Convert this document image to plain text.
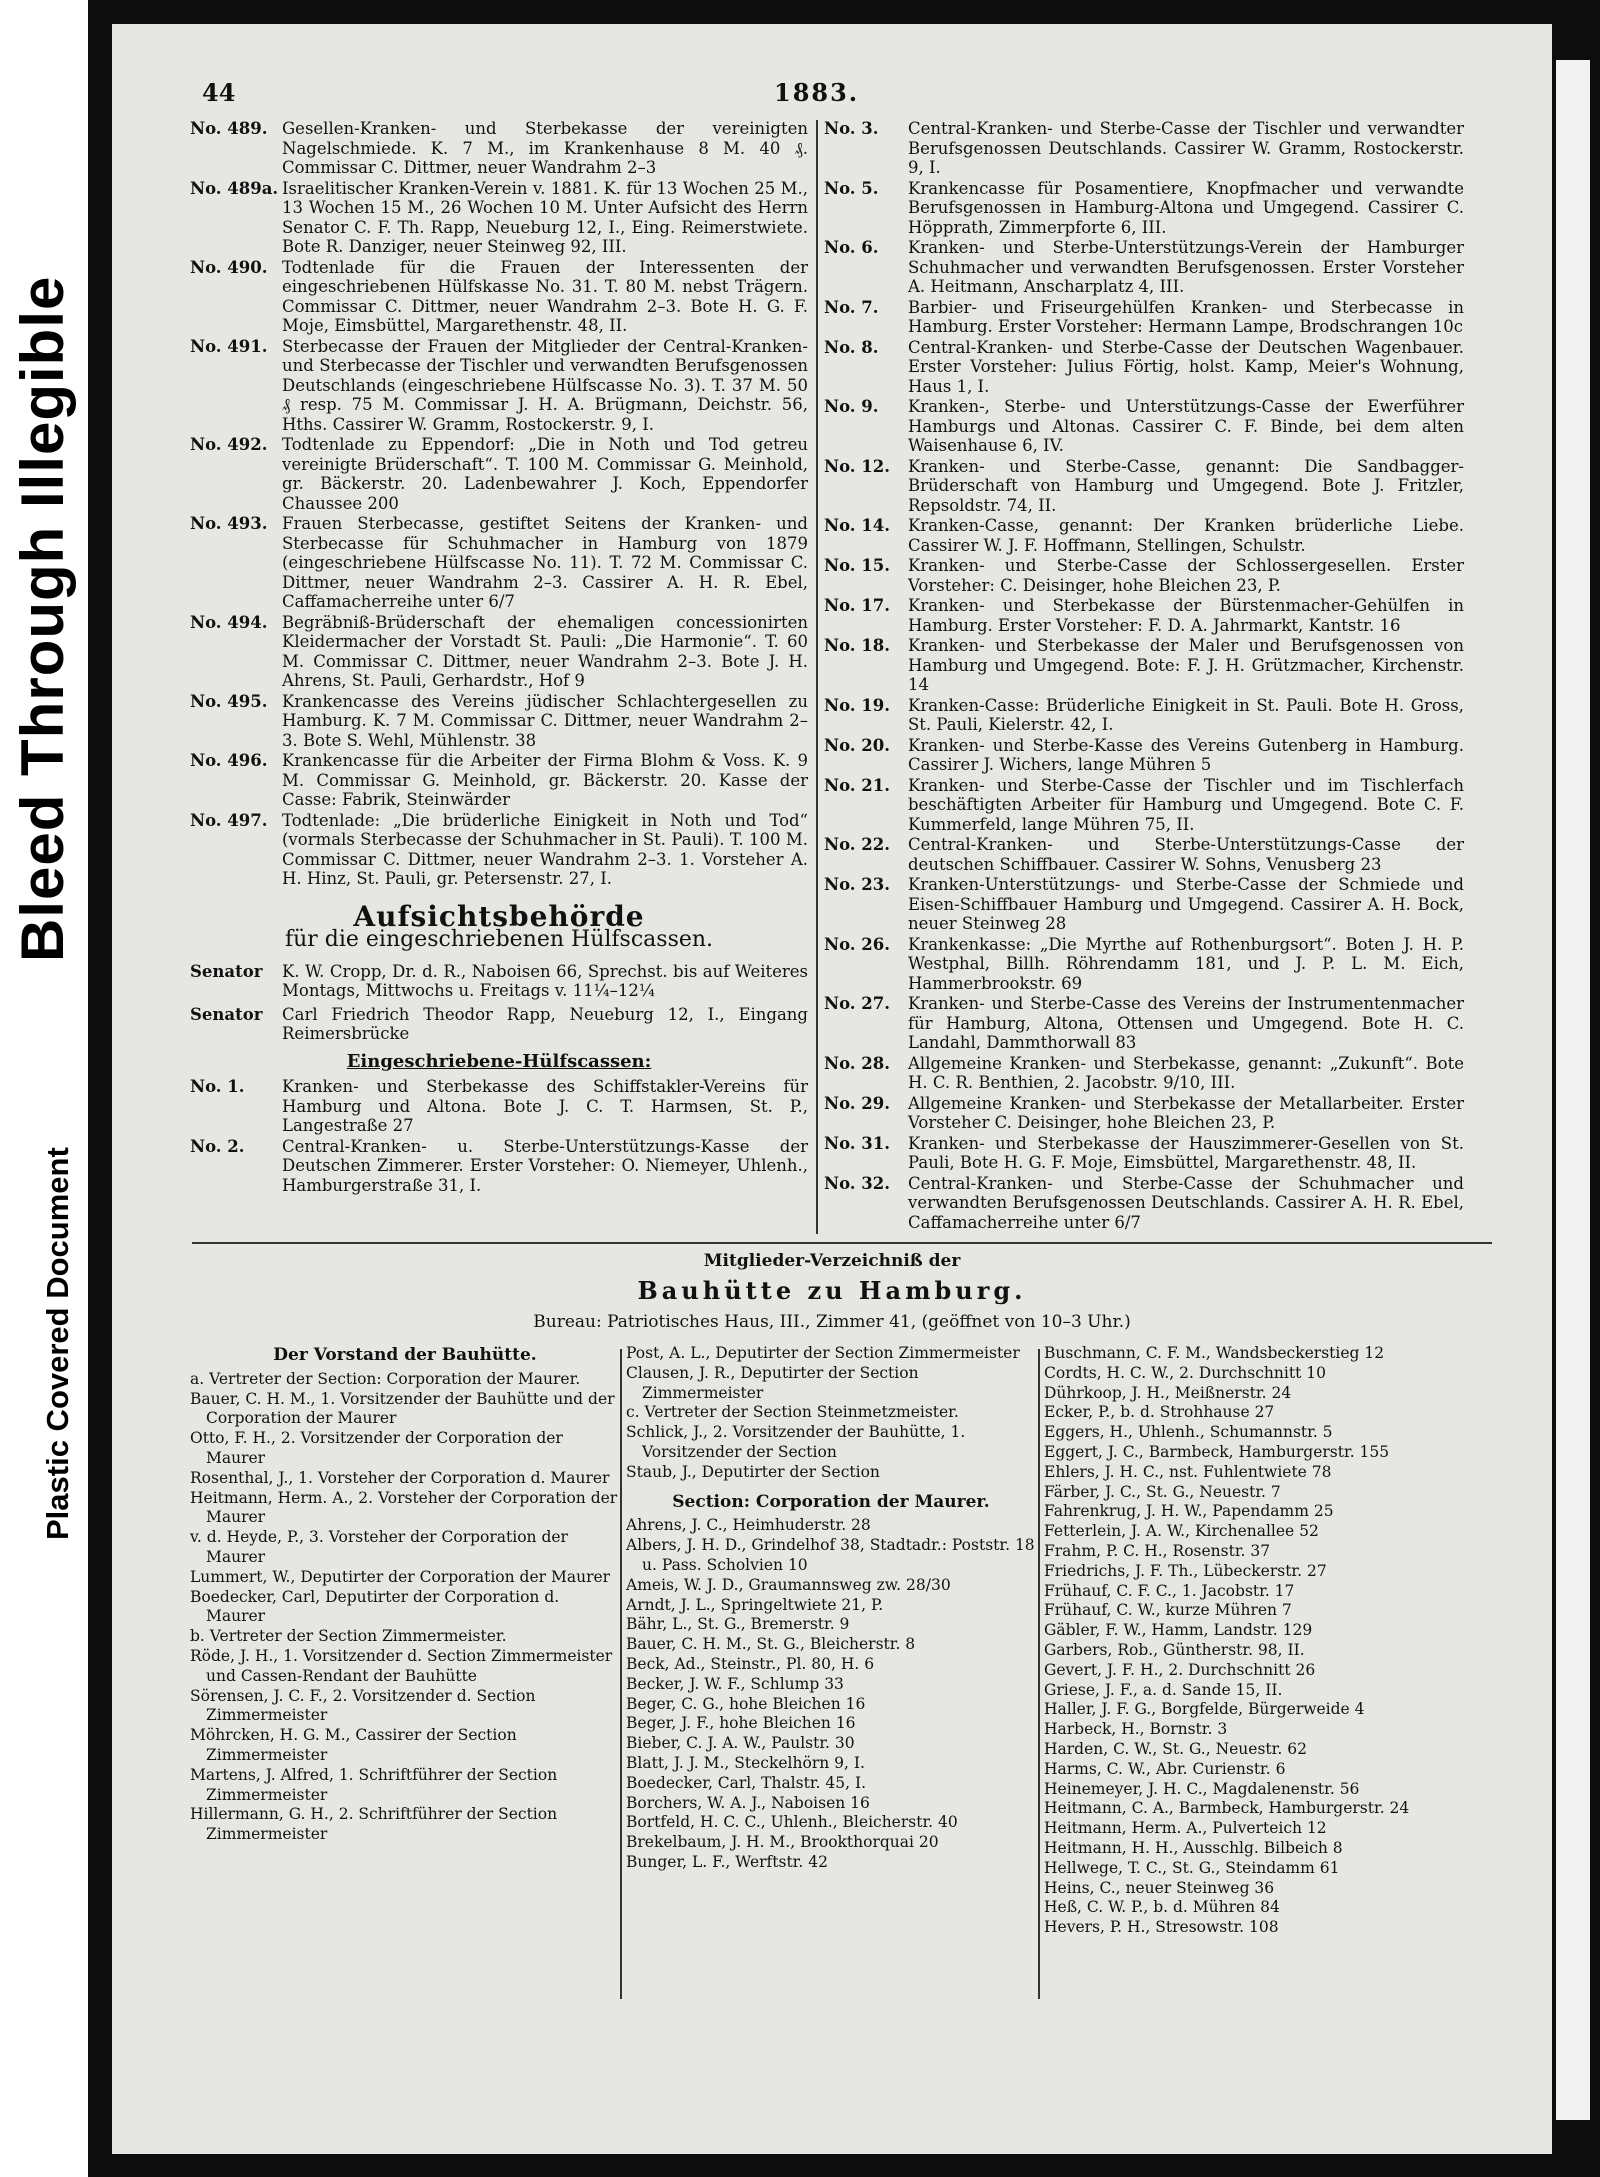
Bleed Through Illegible
Plastic Covered Document
44	1883.
No. 489. Gesellen-Kranken- und Sterbekasse der vereinigten Nagelschmiede. K. 7 M., im Krankenhause 8 M. 40 ₰. Commissar C. Dittmer, neuer Wandrahm 2–3
No. 489a. Israelitischer Kranken-Verein v. 1881. K. für 13 Wochen 25 M., 13 Wochen 15 M., 26 Wochen 10 M. Unter Aufsicht des Herrn Senator C. F. Th. Rapp, Neueburg 12, I., Eing. Reimerstwiete. Bote R. Danziger, neuer Steinweg 92, III.
No. 490. Todtenlade für die Frauen der Interessenten der eingeschriebenen Hülfskasse No. 31. T. 80 M. nebst Trägern. Commissar C. Dittmer, neuer Wandrahm 2–3. Bote H. G. F. Moje, Eimsbüttel, Margarethenstr. 48, II.
No. 491. Sterbecasse der Frauen der Mitglieder der Central-Kranken- und Sterbecasse der Tischler und verwandten Berufsgenossen Deutschlands (eingeschriebene Hülfscasse No. 3). T. 37 M. 50 ₰ resp. 75 M. Commissar J. H. A. Brügmann, Deichstr. 56, Hths. Cassirer W. Gramm, Rostockerstr. 9, I.
No. 492. Todtenlade zu Eppendorf: „Die in Noth und Tod getreu vereinigte Brüderschaft“. T. 100 M. Commissar G. Meinhold, gr. Bäckerstr. 20. Ladenbewahrer J. Koch, Eppendorfer Chaussee 200
No. 493. Frauen Sterbecasse, gestiftet Seitens der Kranken- und Sterbecasse für Schuhmacher in Hamburg von 1879 (eingeschriebene Hülfscasse No. 11). T. 72 M. Commissar C. Dittmer, neuer Wandrahm 2–3. Cassirer A. H. R. Ebel, Caffamacherreihe unter 6/7
No. 494. Begräbniß-Brüderschaft der ehemaligen concessionirten Kleidermacher der Vorstadt St. Pauli: „Die Harmonie“. T. 60 M. Commissar C. Dittmer, neuer Wandrahm 2–3. Bote J. H. Ahrens, St. Pauli, Gerhardstr., Hof 9
No. 495. Krankencasse des Vereins jüdischer Schlachtergesellen zu Hamburg. K. 7 M. Commissar C. Dittmer, neuer Wandrahm 2–3. Bote S. Wehl, Mühlenstr. 38
No. 496. Krankencasse für die Arbeiter der Firma Blohm & Voss. K. 9 M. Commissar G. Meinhold, gr. Bäckerstr. 20. Kasse der Casse: Fabrik, Steinwärder
No. 497. Todtenlade: „Die brüderliche Einigkeit in Noth und Tod“ (vormals Sterbecasse der Schuhmacher in St. Pauli). T. 100 M. Commissar C. Dittmer, neuer Wandrahm 2–3. 1. Vorsteher A. H. Hinz, St. Pauli, gr. Petersenstr. 27, I.
Aufsichtsbehörde
für die eingeschriebenen Hülfscassen.
Senator	K. W. Cropp, Dr. d. R., Naboisen 66, Sprechst. bis auf Weiteres Montags, Mittwochs u. Freitags v. 11¼–12¼
Senator	Carl Friedrich Theodor Rapp, Neueburg 12, I., Eingang Reimersbrücke
Eingeschriebene-Hülfscassen:
No. 1.	Kranken- und Sterbekasse des Schiffstakler-Vereins für Hamburg und Altona. Bote J. C. T. Harmsen, St. P., Langestraße 27
No. 2.	Central-Kranken- u. Sterbe-Unterstützungs-Kasse der Deutschen Zimmerer. Erster Vorsteher: O. Niemeyer, Uhlenh., Hamburgerstraße 31, I.
No. 3.	Central-Kranken- und Sterbe-Casse der Tischler und verwandter Berufsgenossen Deutschlands. Cassirer W. Gramm, Rostockerstr. 9, I.
No. 5.	Krankencasse für Posamentiere, Knopfmacher und verwandte Berufsgenossen in Hamburg-Altona und Umgegend. Cassirer C. Höpprath, Zimmerpforte 6, III.
No. 6.	Kranken- und Sterbe-Unterstützungs-Verein der Hamburger Schuhmacher und verwandten Berufsgenossen. Erster Vorsteher A. Heitmann, Anscharplatz 4, III.
No. 7.	Barbier- und Friseurgehülfen Kranken- und Sterbecasse in Hamburg. Erster Vorsteher: Hermann Lampe, Brodschrangen 10c
No. 8.	Central-Kranken- und Sterbe-Casse der Deutschen Wagenbauer. Erster Vorsteher: Julius Förtig, holst. Kamp, Meier's Wohnung, Haus 1, I.
No. 9.	Kranken-, Sterbe- und Unterstützungs-Casse der Ewerführer Hamburgs und Altonas. Cassirer C. F. Binde, bei dem alten Waisenhause 6, IV.
No. 12.	Kranken- und Sterbe-Casse, genannt: Die Sandbagger-Brüderschaft von Hamburg und Umgegend. Bote J. Fritzler, Repsoldstr. 74, II.
No. 14.	Kranken-Casse, genannt: Der Kranken brüderliche Liebe. Cassirer W. J. F. Hoffmann, Stellingen, Schulstr.
No. 15.	Kranken- und Sterbe-Casse der Schlossergesellen. Erster Vorsteher: C. Deisinger, hohe Bleichen 23, P.
No. 17.	Kranken- und Sterbekasse der Bürstenmacher-Gehülfen in Hamburg. Erster Vorsteher: F. D. A. Jahrmarkt, Kantstr. 16
No. 18.	Kranken- und Sterbekasse der Maler und Berufsgenossen von Hamburg und Umgegend. Bote: F. J. H. Grützmacher, Kirchenstr. 14
No. 19.	Kranken-Casse: Brüderliche Einigkeit in St. Pauli. Bote H. Gross, St. Pauli, Kielerstr. 42, I.
No. 20.	Kranken- und Sterbe-Kasse des Vereins Gutenberg in Hamburg. Cassirer J. Wichers, lange Mühren 5
No. 21.	Kranken- und Sterbe-Casse der Tischler und im Tischlerfach beschäftigten Arbeiter für Hamburg und Umgegend. Bote C. F. Kummerfeld, lange Mühren 75, II.
No. 22.	Central-Kranken- und Sterbe-Unterstützungs-Casse der deutschen Schiffbauer. Cassirer W. Sohns, Venusberg 23
No. 23.	Kranken-Unterstützungs- und Sterbe-Casse der Schmiede und Eisen-Schiffbauer Hamburg und Umgegend. Cassirer A. H. Bock, neuer Steinweg 28
No. 26.	Krankenkasse: „Die Myrthe auf Rothenburgsort“. Boten J. H. P. Westphal, Billh. Röhrendamm 181, und J. P. L. M. Eich, Hammerbrookstr. 69
No. 27.	Kranken- und Sterbe-Casse des Vereins der Instrumentenmacher für Hamburg, Altona, Ottensen und Umgegend. Bote H. C. Landahl, Dammthorwall 83
No. 28.	Allgemeine Kranken- und Sterbekasse, genannt: „Zukunft“. Bote H. C. R. Benthien, 2. Jacobstr. 9/10, III.
No. 29.	Allgemeine Kranken- und Sterbekasse der Metallarbeiter. Erster Vorsteher C. Deisinger, hohe Bleichen 23, P.
No. 31.	Kranken- und Sterbekasse der Hauszimmerer-Gesellen von St. Pauli, Bote H. G. F. Moje, Eimsbüttel, Margarethenstr. 48, II.
No. 32.	Central-Kranken- und Sterbe-Casse der Schuhmacher und verwandten Berufsgenossen Deutschlands. Cassirer A. H. R. Ebel, Caffamacherreihe unter 6/7
Mitglieder-Verzeichniß der
Bauhütte zu Hamburg.
Bureau: Patriotisches Haus, III., Zimmer 41, (geöffnet von 10–3 Uhr.)
Der Vorstand der Bauhütte.
a. Vertreter der Section: Corporation der Maurer.
Bauer, C. H. M., 1. Vorsitzender der Bauhütte und der Corporation der Maurer
Otto, F. H., 2. Vorsitzender der Corporation der Maurer
Rosenthal, J., 1. Vorsteher der Corporation d. Maurer
Heitmann, Herm. A., 2. Vorsteher der Corporation der Maurer
v. d. Heyde, P., 3. Vorsteher der Corporation der Maurer
Lummert, W., Deputirter der Corporation der Maurer
Boedecker, Carl, Deputirter der Corporation d. Maurer
b. Vertreter der Section Zimmermeister.
Röde, J. H., 1. Vorsitzender d. Section Zimmermeister und Cassen-Rendant der Bauhütte
Sörensen, J. C. F., 2. Vorsitzender d. Section Zimmermeister
Möhrcken, H. G. M., Cassirer der Section Zimmermeister
Martens, J. Alfred, 1. Schriftführer der Section Zimmermeister
Hillermann, G. H., 2. Schriftführer der Section Zimmermeister
Post, A. L., Deputirter der Section Zimmermeister
Clausen, J. R., Deputirter der Section Zimmermeister
c. Vertreter der Section Steinmetzmeister.
Schlick, J., 2. Vorsitzender der Bauhütte, 1. Vorsitzender der Section
Staub, J., Deputirter der Section
Section: Corporation der Maurer.
Ahrens, J. C., Heimhuderstr. 28
Albers, J. H. D., Grindelhof 38, Stadtadr.: Poststr. 18 u. Pass. Scholvien 10
Ameis, W. J. D., Graumannsweg zw. 28/30
Arndt, J. L., Springeltwiete 21, P.
Bähr, L., St. G., Bremerstr. 9
Bauer, C. H. M., St. G., Bleicherstr. 8
Beck, Ad., Steinstr., Pl. 80, H. 6
Becker, J. W. F., Schlump 33
Beger, C. G., hohe Bleichen 16
Beger, J. F., hohe Bleichen 16
Bieber, C. J. A. W., Paulstr. 30
Blatt, J. J. M., Steckelhörn 9, I.
Boedecker, Carl, Thalstr. 45, I.
Borchers, W. A. J., Naboisen 16
Bortfeld, H. C. C., Uhlenh., Bleicherstr. 40
Brekelbaum, J. H. M., Brookthorquai 20
Bunger, L. F., Werftstr. 42
Buschmann, C. F. M., Wandsbeckerstieg 12
Cordts, H. C. W., 2. Durchschnitt 10
Dührkoop, J. H., Meißnerstr. 24
Ecker, P., b. d. Strohhause 27
Eggers, H., Uhlenh., Schumannstr. 5
Eggert, J. C., Barmbeck, Hamburgerstr. 155
Ehlers, J. H. C., nst. Fuhlentwiete 78
Färber, J. C., St. G., Neuestr. 7
Fahrenkrug, J. H. W., Papendamm 25
Fetterlein, J. A. W., Kirchenallee 52
Frahm, P. C. H., Rosenstr. 37
Friedrichs, J. F. Th., Lübeckerstr. 27
Frühauf, C. F. C., 1. Jacobstr. 17
Frühauf, C. W., kurze Mühren 7
Gäbler, F. W., Hamm, Landstr. 129
Garbers, Rob., Güntherstr. 98, II.
Gevert, J. F. H., 2. Durchschnitt 26
Griese, J. F., a. d. Sande 15, II.
Haller, J. F. G., Borgfelde, Bürgerweide 4
Harbeck, H., Bornstr. 3
Harden, C. W., St. G., Neuestr. 62
Harms, C. W., Abr. Curienstr. 6
Heinemeyer, J. H. C., Magdalenenstr. 56
Heitmann, C. A., Barmbeck, Hamburgerstr. 24
Heitmann, Herm. A., Pulverteich 12
Heitmann, H. H., Ausschlg. Bilbeich 8
Hellwege, T. C., St. G., Steindamm 61
Heins, C., neuer Steinweg 36
Heß, C. W. P., b. d. Mühren 84
Hevers, P. H., Stresowstr. 108
